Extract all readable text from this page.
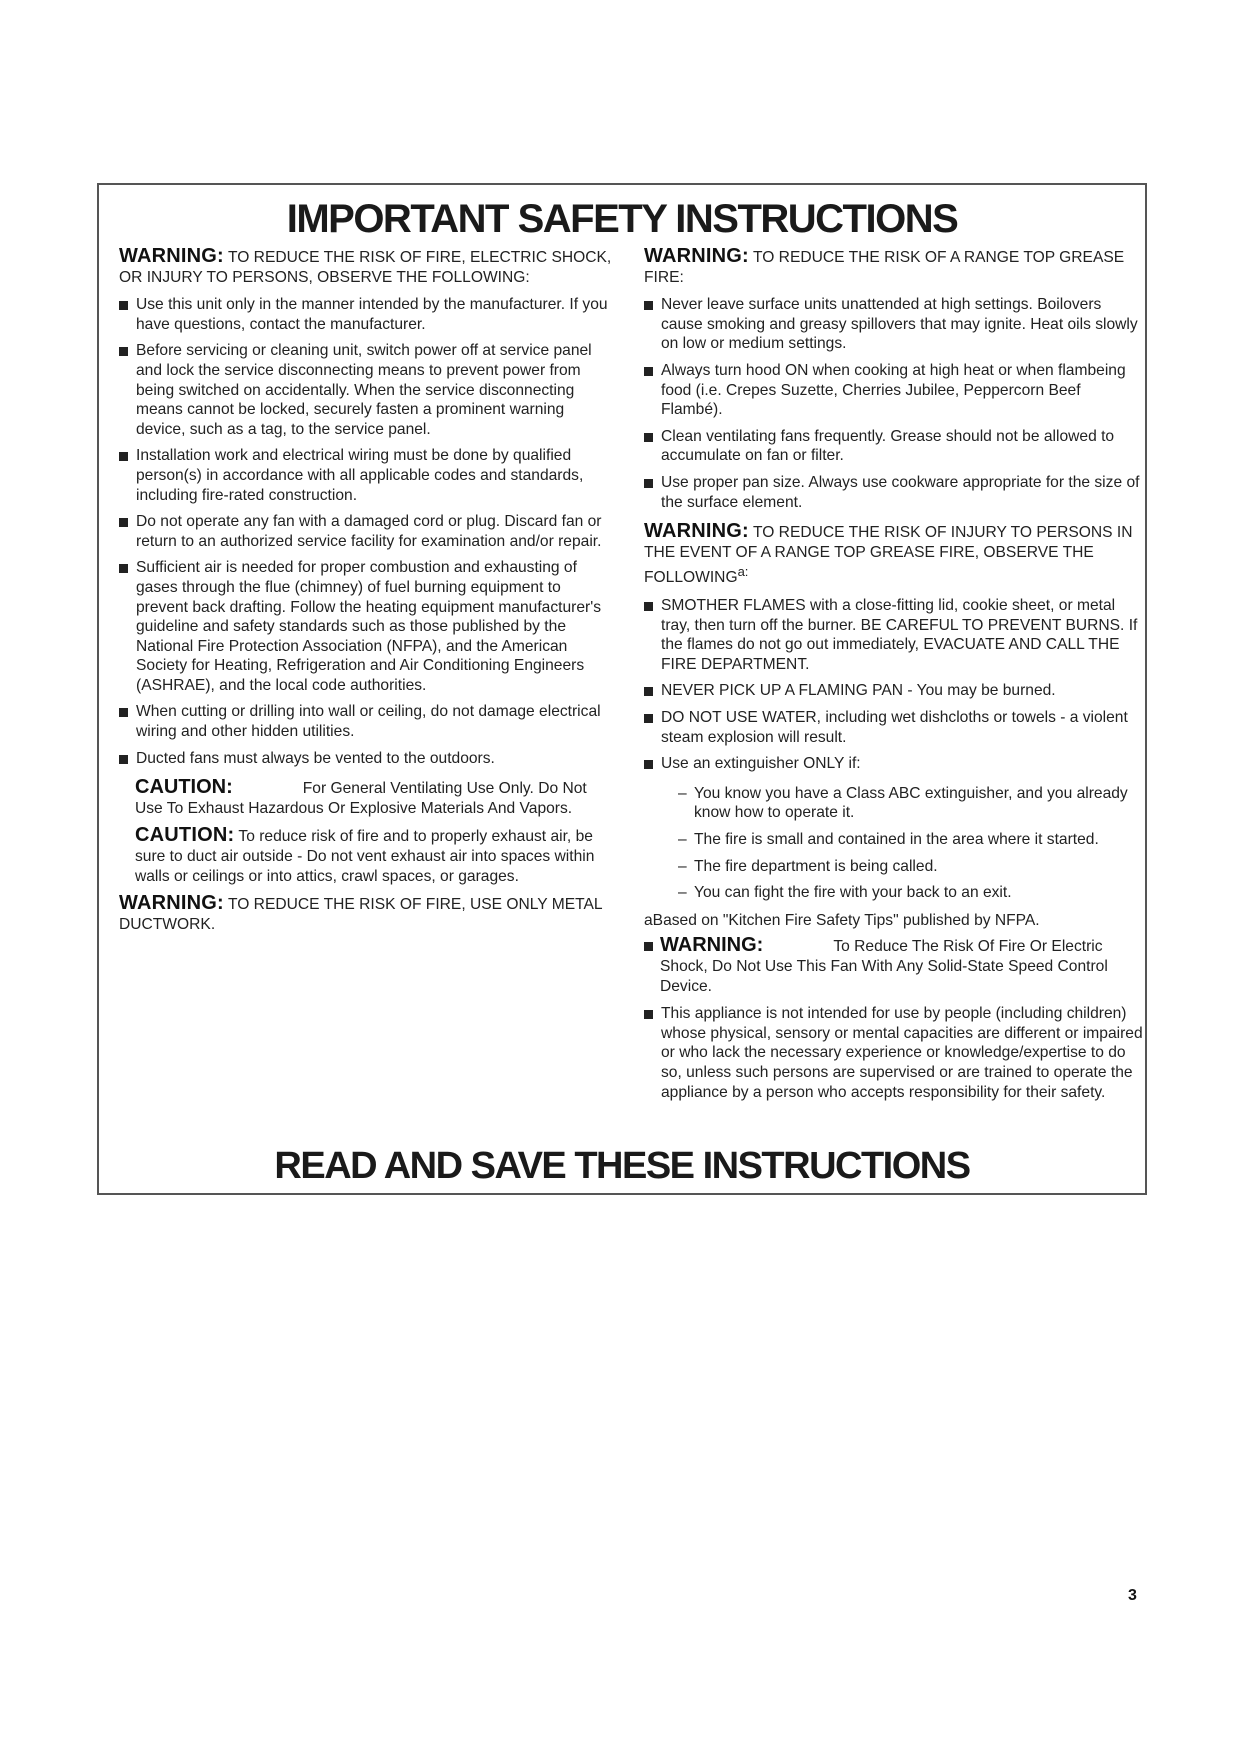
IMPORTANT SAFETY INSTRUCTIONS

WARNING: TO REDUCE THE RISK OF FIRE, ELECTRIC SHOCK, OR INJURY TO PERSONS, OBSERVE THE FOLLOWING:

Use this unit only in the manner intended by the manufacturer. If you have questions, contact the manufacturer.
Before servicing or cleaning unit, switch power off at service panel and lock the service disconnecting means to prevent power from being switched on accidentally. When the service disconnecting means cannot be locked, securely fasten a prominent warning device, such as a tag, to the service panel.
Installation work and electrical wiring must be done by qualified person(s) in accordance with all applicable codes and standards, including fire-rated construction.
Do not operate any fan with a damaged cord or plug. Discard fan or return to an authorized service facility for examination and/or repair.
Sufficient air is needed for proper combustion and exhausting of gases through the flue (chimney) of fuel burning equipment to prevent back drafting. Follow the heating equipment manufacturer's guideline and safety standards such as those published by the National Fire Protection Association (NFPA), and the American Society for Heating, Refrigeration and Air Conditioning Engineers (ASHRAE), and the local code authorities.
When cutting or drilling into wall or ceiling, do not damage electrical wiring and other hidden utilities.
Ducted fans must always be vented to the outdoors.

CAUTION:	For General Ventilating Use Only. Do Not Use To Exhaust Hazardous Or Explosive Materials And Vapors.

CAUTION: To reduce risk of fire and to properly exhaust air, be sure to duct air outside - Do not vent exhaust air into spaces within walls or ceilings or into attics, crawl spaces, or garages.

WARNING: TO REDUCE THE RISK OF FIRE, USE ONLY METAL DUCTWORK.

WARNING: TO REDUCE THE RISK OF A RANGE TOP GREASE FIRE:

Never leave surface units unattended at high settings. Boilovers cause smoking and greasy spillovers that may ignite. Heat oils slowly on low or medium settings.
Always turn hood ON when cooking at high heat or when flambeing food (i.e. Crepes Suzette, Cherries Jubilee, Peppercorn Beef Flambé).
Clean ventilating fans frequently. Grease should not be allowed to accumulate on fan or filter.
Use proper pan size. Always use cookware appropriate for the size of the surface element.

WARNING: TO REDUCE THE RISK OF INJURY TO PERSONS IN THE EVENT OF A RANGE TOP GREASE FIRE, OBSERVE THE $FOLLOWING^{a:}$

SMOTHER FLAMES with a close-fitting lid, cookie sheet, or metal tray, then turn off the burner. BE CAREFUL TO PREVENT BURNS. If the flames do not go out immediately, EVACUATE AND CALL THE FIRE DEPARTMENT.
NEVER PICK UP A FLAMING PAN - You may be burned.
DO NOT USE WATER, including wet dishcloths or towels - a violent steam explosion will result.
Use an extinguisher ONLY if:
– You know you have a Class ABC extinguisher, and you already know how to operate it.
– The fire is small and contained in the area where it started.
– The fire department is being called.
– You can fight the fire with your back to an exit.

aBased on "Kitchen Fire Safety Tips" published by NFPA.

WARNING:	To Reduce The Risk Of Fire Or Electric Shock, Do Not Use This Fan With Any Solid-State Speed Control Device.

This appliance is not intended for use by people (including children) whose physical, sensory or mental capacities are different or impaired or who lack the necessary experience or knowledge/expertise to do so, unless such persons are supervised or are trained to operate the appliance by a person who accepts responsibility for their safety.
READ AND SAVE THESE INSTRUCTIONS
3
